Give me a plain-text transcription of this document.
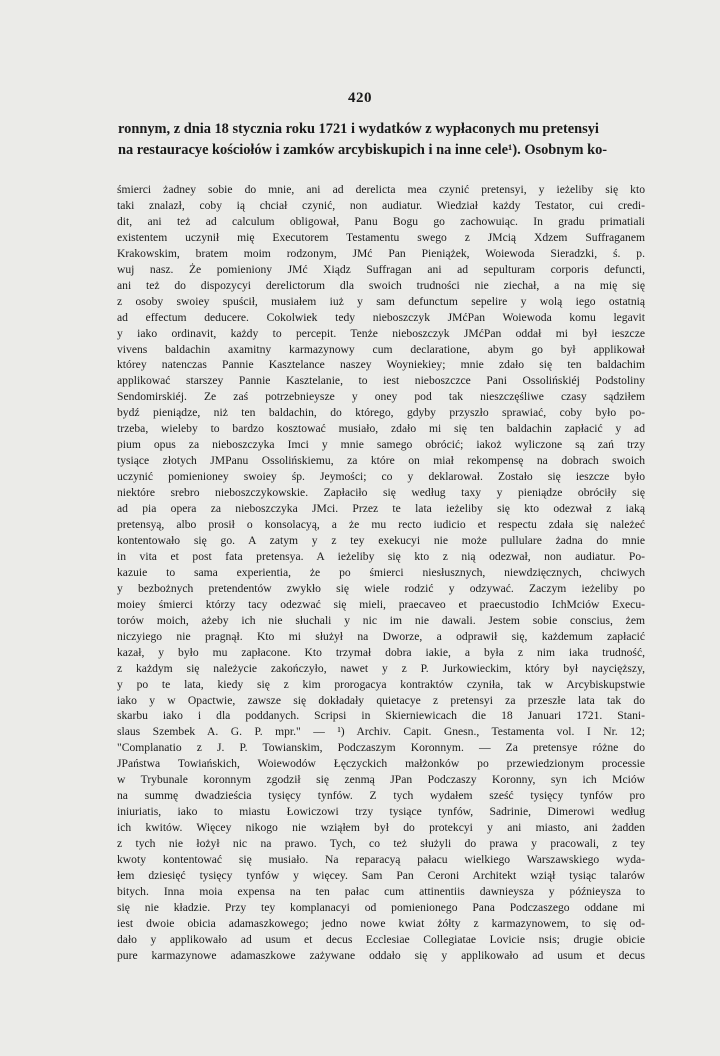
420
ronnym, z dnia 18 stycznia roku 1721 i wydatków z wypłaconych mu pretensyi
na restauracye kościołów i zamków arcybiskupich i na inne cele¹). Osobnym ko-
śmierci żadney sobie do mnie, ani ad derelicta mea czynić pretensyi, y ieżeliby się kto
taki znalazł, coby ią chciał czynić, non audiatur. Wiedział każdy Testator, cui credi-
dit, ani też ad calculum obligował, Panu Bogu go zachowuiąc. In gradu primatiali
existentem uczynił mię Executorem Testamentu swego z JMcią Xdzem Suffraganem
Krakowskim, bratem moim rodzonym, JMć Pan Pieniążek, Woiewoda Sieradzki, ś. p.
wuj nasz. Że pomieniony JMć Xiądz Suffragan ani ad sepulturam corporis defuncti,
ani też do dispozycyi derelictorum dla swoich trudności nie ziechał, a na mię się
z osoby swoiey spuścił, musiałem iuż y sam defunctum sepelire y wolą iego ostatnią
ad effectum deducere. Cokolwiek tedy nieboszczyk JMćPan Woiewoda komu legavit
y iako ordinavit, każdy to percepit. Tenże nieboszczyk JMćPan oddał mi był ieszcze
vivens baldachin axamitny karmazynowy cum declaratione, abym go był applikował
którey natenczas Pannie Kasztelance naszey Woyniekiey; mnie zdało się ten baldachim
applikować starszey Pannie Kasztelanie, to iest nieboszczce Pani Ossolińskiéj Podstoliny
Sendomirskiéj. Ze zaś potrzebnieysze y oney pod tak nieszczęśliwe czasy sądziłem
bydź pieniądze, niż ten baldachin, do którego, gdyby przyszło sprawiać, coby było po-
trzeba, wieleby to bardzo kosztować musiało, zdało mi się ten baldachin zapłacić y ad
pium opus za nieboszczyka Imci y mnie samego obrócić; iakoż wyliczone są zań trzy
tysiące złotych JMPanu Ossolińskiemu, za które on miał rekompensę na dobrach swoich
uczynić pomienioney swoiey śp. Jeymości; co y deklarował. Zostało się ieszcze było
niektóre srebro nieboszczykowskie. Zapłaciło się według taxy y pieniądze obróciły się
ad pia opera za nieboszczyka JMci. Przez te lata ieżeliby się kto odezwał z iaką
pretensyą, albo prosił o konsolacyą, a że mu recto iudicio et respectu zdała się należeć
kontentowało się go. A zatym y z tey exekucyi nie może pullulare żadna do mnie
in vita et post fata pretensya. A ieżeliby się kto z nią odezwał, non audiatur. Po-
kazuie to sama experientia, że po śmierci niesłusznych, niewdzięcznych, chciwych
y bezbożnych pretendentów zwykło się wiele rodzić y odzywać. Zaczym ieżeliby po
moiey śmierci którzy tacy odezwać się mieli, praecaveo et praecustodio IchMciów Execu-
torów moich, ażeby ich nie słuchali y nic im nie dawali. Jestem sobie conscius, żem
niczyiego nie pragnął. Kto mi służył na Dworze, a odprawił się, każdemum zapłacić
kazał, y było mu zapłacone. Kto trzymał dobra iakie, a była z nim iaka trudność,
z każdym się należycie zakończyło, nawet y z P. Jurkowieckim, który był naycięższy,
y po te lata, kiedy się z kim prorogacya kontraktów czyniła, tak w Arcybiskupstwie
iako y w Opactwie, zawsze się dokładały quietacye z pretensyi za przeszłe lata tak do
skarbu iako i dla poddanych. Scripsi in Skierniewicach die 18 Januari 1721. Stani-
slaus Szembek A. G. P. mpr." — ¹) Archiv. Capit. Gnesn., Testamenta vol. I Nr. 12;
"Complanatio z J. P. Towianskim, Podczaszym Koronnym. — Za pretensye różne do
JPaństwa Towiańskich, Woiewodów Łęczyckich małżonków po przewiedzionym processie
w Trybunale koronnym zgodził się zenmą JPan Podczaszy Koronny, syn ich Mciów
na summę dwadzieścia tysięcy tynfów. Z tych wydałem sześć tysięcy tynfów pro
iniuriatis, iako to miastu Łowiczowi trzy tysiące tynfów, Sadrinie, Dimerowi według
ich kwitów. Więcey nikogo nie wziąłem był do protekcyi y ani miasto, ani żadden
z tych nie łożył nic na prawo. Tych, co też służyli do prawa y pracowali, z tey
kwoty kontentować się musiało. Na reparacyą pałacu wielkiego Warszawskiego wyda-
łem dziesięć tysięcy tynfów y więcey. Sam Pan Ceroni Architekt wziął tysiąc talarów
bitych. Inna moia expensa na ten pałac cum attinentiis dawnieysza y późnieysza to
się nie kładzie. Przy tey komplanacyi od pomienionego Pana Podczaszego oddane mi
iest dwoie obicia adamaszkowego; jedno nowe kwiat żółty z karmazynowem, to się od-
dało y applikowało ad usum et decus Ecclesiae Collegiatae Lovicie nsis; drugie obicie
pure karmazynowe adamaszkowe zażywane oddało się y applikowało ad usum et decus
